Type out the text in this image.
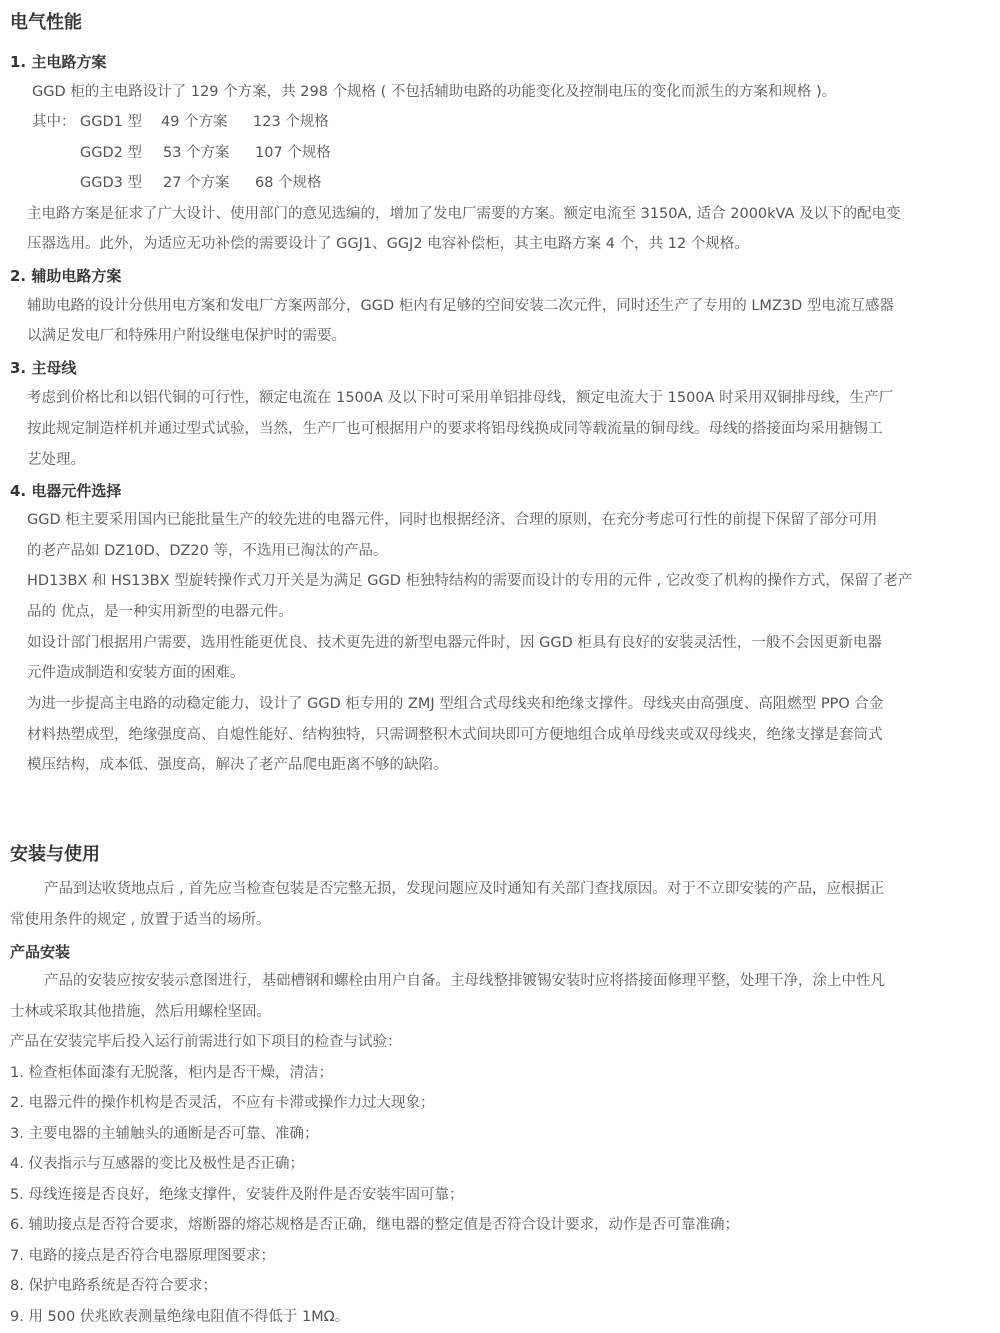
电气性能
1. 主电路方案

GGD 柜的主电路设计了 129 个方案，共 298 个规格 ( 不包括辅助电路的功能变化及控制电压的变化而派生的方案和规格 )。

其中： GGD1 型 49 个方案 123 个规格
GGD2 型 53 个方案 107 个规格
GGD3 型 27 个方案 68 个规格

主电路方案是征求了广大设计、使用部门的意见选编的，增加了发电厂需要的方案。额定电流至 3150A, 适合 2000kVA 及以下的配电变

压器选用。此外，为适应无功补偿的需要设计了 GGJ1、GGJ2 电容补偿柜，其主电路方案 4 个，共 12 个规格。

2. 辅助电路方案

辅助电路的设计分供用电方案和发电厂方案两部分，GGD 柜内有足够的空间安装二次元件，同时还生产了专用的 LMZ3D 型电流互感器

以满足发电厂和特殊用户附设继电保护时的需要。

3. 主母线

考虑到价格比和以铝代铜的可行性，额定电流在 1500A 及以下时可采用单铝排母线，额定电流大于 1500A 时采用双铜排母线，生产厂

按此规定制造样机并通过型式试验，当然，生产厂也可根据用户的要求将铝母线换成同等载流量的铜母线。母线的搭接面均采用搪锡工

艺处理。

4. 电器元件选择

GGD 柜主要采用国内已能批量生产的较先进的电器元件，同时也根据经济、合理的原则，在充分考虑可行性的前提下保留了部分可用

的老产品如 DZ10D、DZ20 等，不选用已淘汰的产品。

HD13BX 和 HS13BX 型旋转操作式刀开关是为满足 GGD 柜独特结构的需要而设计的专用的元件 , 它改变了机构的操作方式，保留了老产

品的 优点，是一种实用新型的电器元件。

如设计部门根据用户需要，选用性能更优良、技术更先进的新型电器元件时，因 GGD 柜具有良好的安装灵活性，一般不会因更新电器

元件造成制造和安装方面的困难。

为进一步提高主电路的动稳定能力，设计了 GGD 柜专用的 ZMJ 型组合式母线夹和绝缘支撑件。母线夹由高强度、高阻燃型 PPO 合金

材料热塑成型，绝缘强度高、自熄性能好、结构独特，只需调整积木式间块即可方便地组合成单母线夹或双母线夹，绝缘支撑是套筒式

模压结构，成本低、强度高，解决了老产品爬电距离不够的缺陷。

安装与使用

产品到达收货地点后 , 首先应当检查包装是否完整无损，发现问题应及时通知有关部门查找原因。对于不立即安装的产品，应根据正

常使用条件的规定 , 放置于适当的场所。

产品安装

产品的安装应按安装示意图进行，基础槽钢和螺栓由用户自备。主母线整排镀锡安装时应将搭接面修理平整，处理干净，涂上中性凡

士林或采取其他措施，然后用螺栓坚固。

产品在安装完毕后投入运行前需进行如下项目的检查与试验：

1. 检查柜体面漆有无脱落，柜内是否干燥，清洁；

2. 电器元件的操作机构是否灵活，不应有卡滞或操作力过大现象；

3. 主要电器的主辅触头的通断是否可靠、准确；

4. 仪表指示与互感器的变比及极性是否正确；

5. 母线连接是否良好，绝缘支撑件，安装件及附件是否安装牢固可靠；

6. 辅助接点是否符合要求，熔断器的熔芯规格是否正确，继电器的整定值是否符合设计要求，动作是否可靠准确；

7. 电路的接点是否符合电器原理图要求；

8. 保护电路系统是否符合要求；

9. 用 500 伏兆欧表测量绝缘电阻值不得低于 1MΩ。
